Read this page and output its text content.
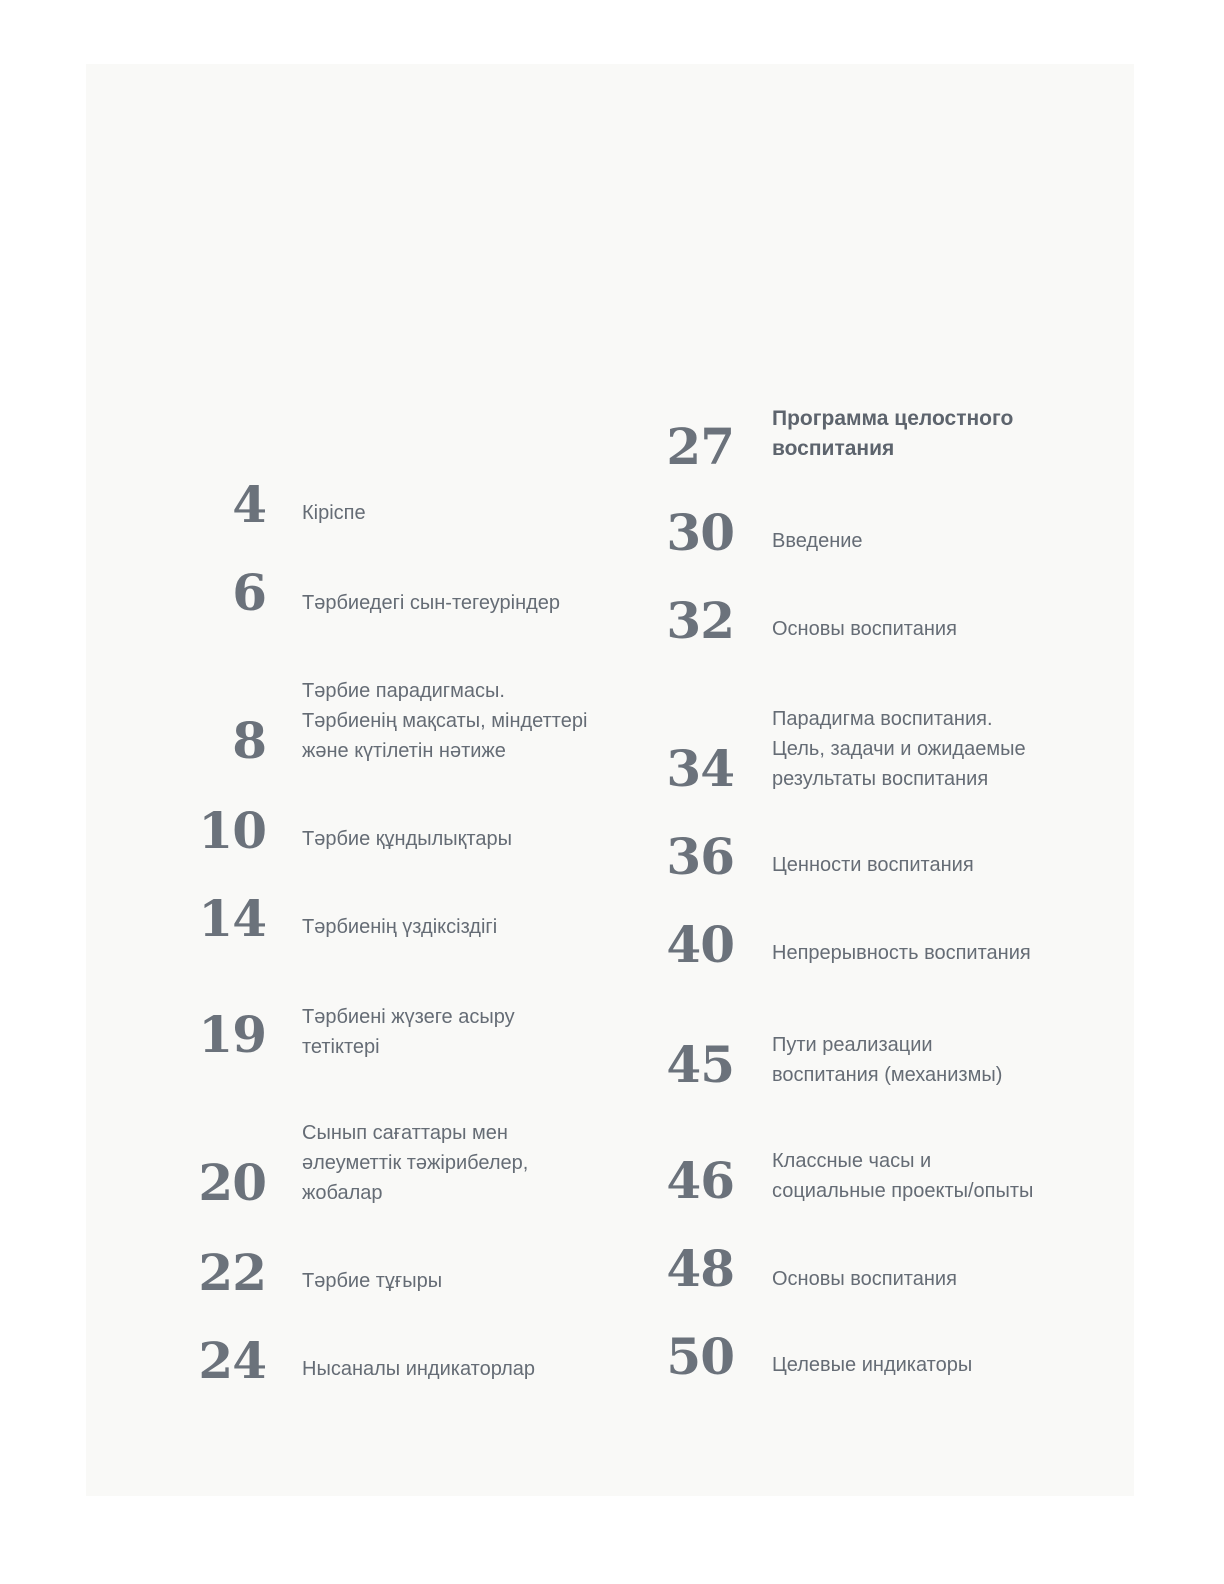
4 Кіріспе
6 Тәрбиедегі сын-тегеуріндер
8
Тәрбие парадигмасы.
Тәрбиенің мақсаты, міндеттері
және күтілетін нәтиже
10 Тәрбие құндылықтары
14 Тәрбиенің үздіксіздігі
19 Тәрбиені жүзеге асыру
тетіктері
20
Сынып сағаттары мен
әлеуметтік тәжірибелер,
жобалар
22 Тәрбие тұғыры
24 Нысаналы индикаторлар
27 Программа целостного
воспитания
30 Введение
32 Основы воспитания
34
Парадигма воспитания.
Цель, задачи и ожидаемые
результаты воспитания
36 Ценности воспитания
40 Непрерывность воспитания
45 Пути реализации
воспитания (механизмы)
46 Классные часы и
социальные проекты/опыты
48 Основы воспитания
50 Целевые индикаторы
